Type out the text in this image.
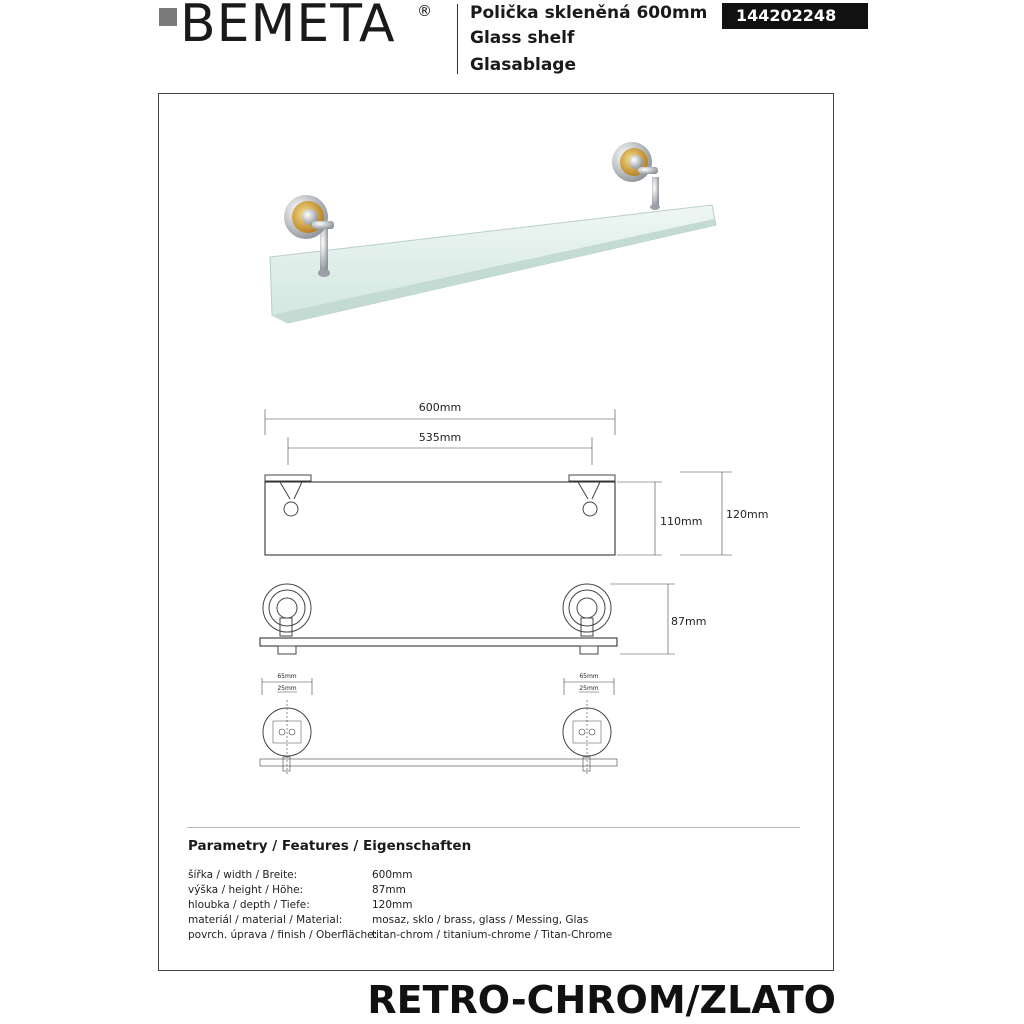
BEMETA ® Polička skleněná 600mm
Glass shelf
Glasablage
144202248
600mm
535mm
110mm
120mm
87mm
65mm
25mm
65mm
25mm
Parametry / Features / Eigenschaften
šířka / width / Breite:	600mm
výška / height / Höhe:	87mm
hloubka / depth / Tiefe:	120mm
materiál / material / Material:	mosaz, sklo / brass, glass / Messing, Glas
povrch. úprava / finish / Oberfläche:
titan-chrom / titanium-chrome / Titan-Chrome
RETRO-CHROM/ZLATO
